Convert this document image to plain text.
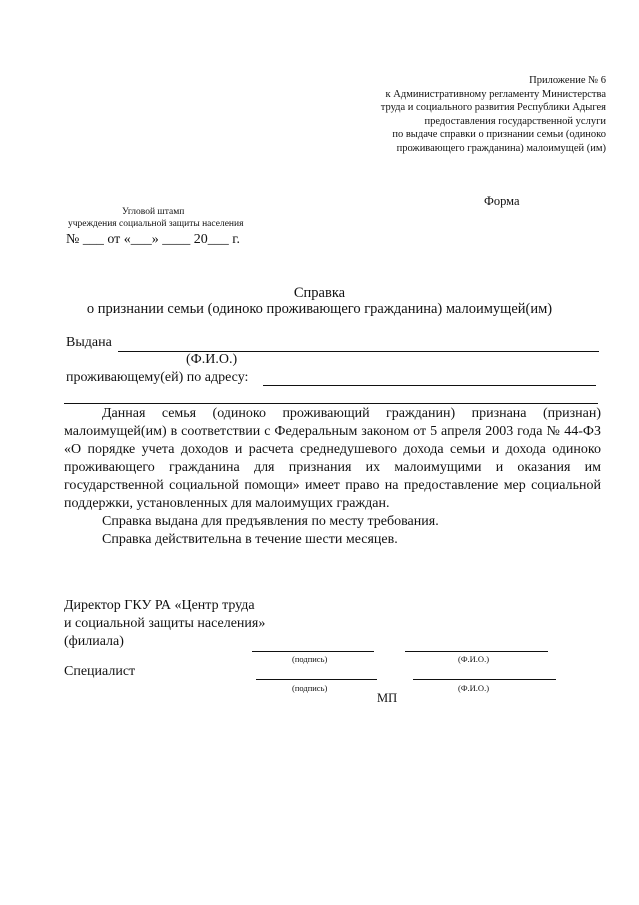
Приложение № 6
к Административному регламенту Министерства
труда и социального развития Республики Адыгея
предоставления государственной услуги
по выдаче справки о признании семьи (одиноко
проживающего гражданина) малоимущей (им)
Форма
Угловой штамп
учреждения социальной защиты населения
№ ___ от «___» ____ 20___ г.
Справка
о признании семьи (одиноко проживающего гражданина) малоимущей(им)
Выдана
(Ф.И.О.)
проживающему(ей) по адресу:

Данная семья (одиноко проживающий гражданин) признана (признан) малоимущей(им) в соответствии с Федеральным законом от 5 апреля 2003 года № 44-ФЗ «О порядке учета доходов и расчета среднедушевого дохода семьи и дохода одиноко проживающего гражданина для признания их малоимущими и оказания им государственной социальной помощи» имеет право на предоставление мер социальной поддержки, установленных для малоимущих граждан.

Справка выдана для предъявления по месту требования.

Справка действительна в течение шести месяцев.

Директор ГКУ РА «Центр труда
и социальной защиты населения»
(филиала)
(подпись)	(Ф.И.О.)
Специалист
(подпись)	(Ф.И.О.)
МП
